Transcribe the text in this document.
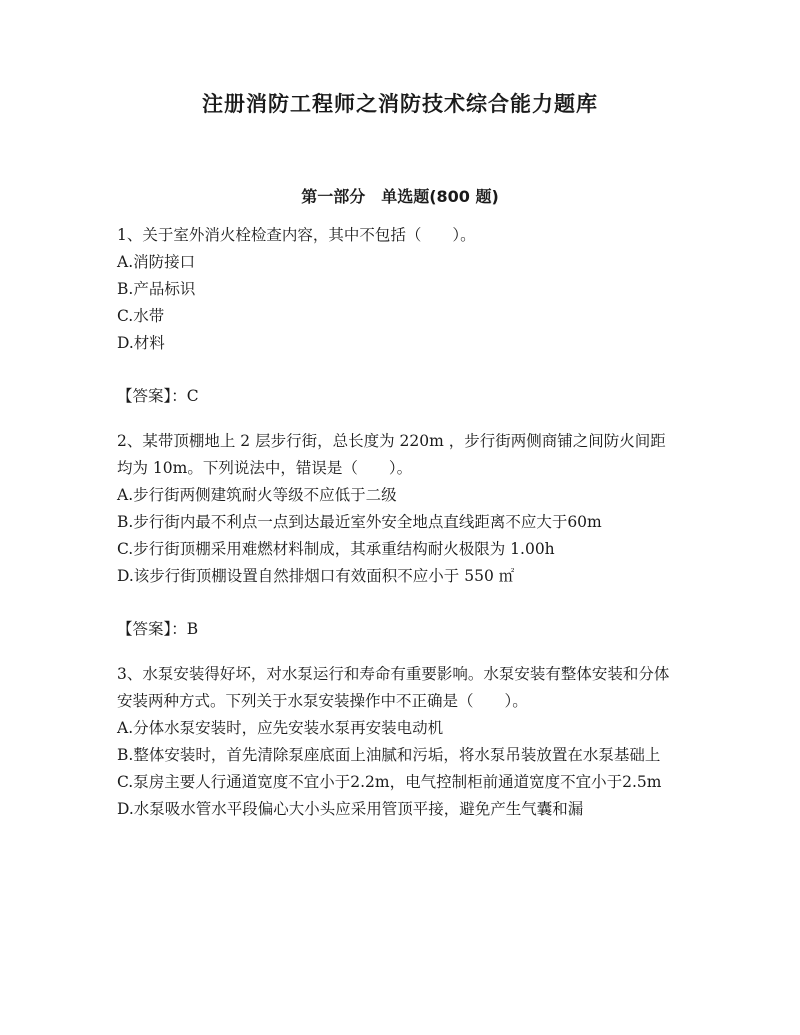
注册消防工程师之消防技术综合能力题库
第一部分　单选题(800 题)

1、关于室外消火栓检查内容，其中不包括（　　）。

A.消防接口

B.产品标识

C.水带

D.材料

【答案】：C

2、某带顶棚地上 2 层步行街，总长度为 220m ，步行街两侧商铺之间防火间距均为 10m。下列说法中，错误是（　　）。

A.步行街两侧建筑耐火等级不应低于二级

B.步行街内最不利点一点到达最近室外安全地点直线距离不应大于60m

C.步行街顶棚采用难燃材料制成，其承重结构耐火极限为 1.00h

D.该步行街顶棚设置自然排烟口有效面积不应小于 550 ㎡

【答案】：B

3、水泵安装得好坏，对水泵运行和寿命有重要影响。水泵安装有整体安装和分体安装两种方式。下列关于水泵安装操作中不正确是（　　）。

A.分体水泵安装时，应先安装水泵再安装电动机

B.整体安装时，首先清除泵座底面上油腻和污垢，将水泵吊装放置在水泵基础上

C.泵房主要人行通道宽度不宜小于2.2m，电气控制柜前通道宽度不宜小于2.5m

D.水泵吸水管水平段偏心大小头应采用管顶平接，避免产生气囊和漏
